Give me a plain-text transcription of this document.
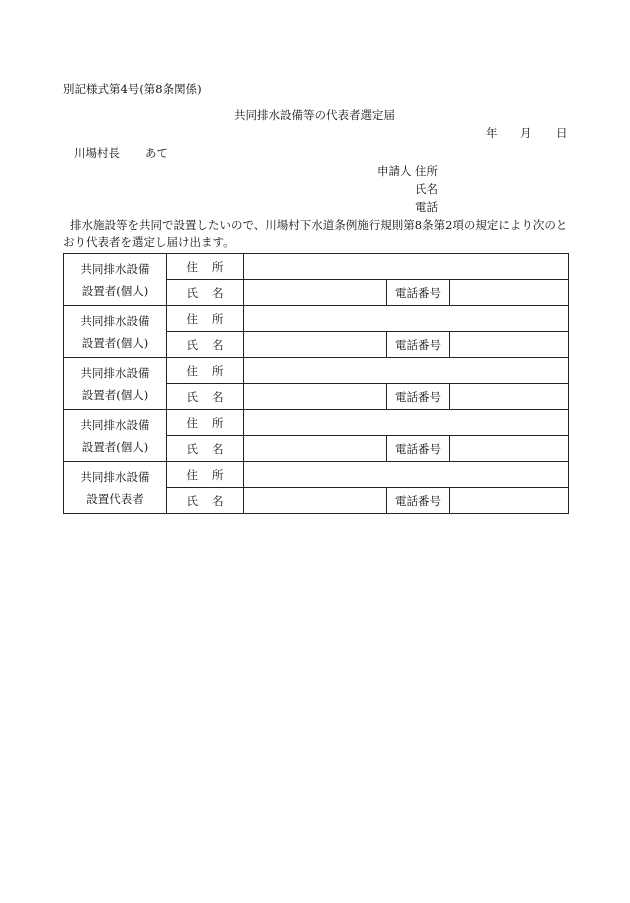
別記様式第4号(第8条関係)
共同排水設備等の代表者選定届
年 月 日
川場村長 あて
申請人 住所
氏名
電話
排水施設等を共同で設置したいので、川場村下水道条例施行規則第8条第2項の規定により次のと
おり代表者を選定し届け出ます。
共同排水設備
設置者(個人)	住 所			
	氏 名		電話番号	

共同排水設備
設置者(個人)	住 所			
	氏 名		電話番号	

共同排水設備
設置者(個人)	住 所			
	氏 名		電話番号	

共同排水設備
設置者(個人)	住 所			
	氏 名		電話番号	

共同排水設備
設置代表者	住 所			
	氏 名		電話番号	
